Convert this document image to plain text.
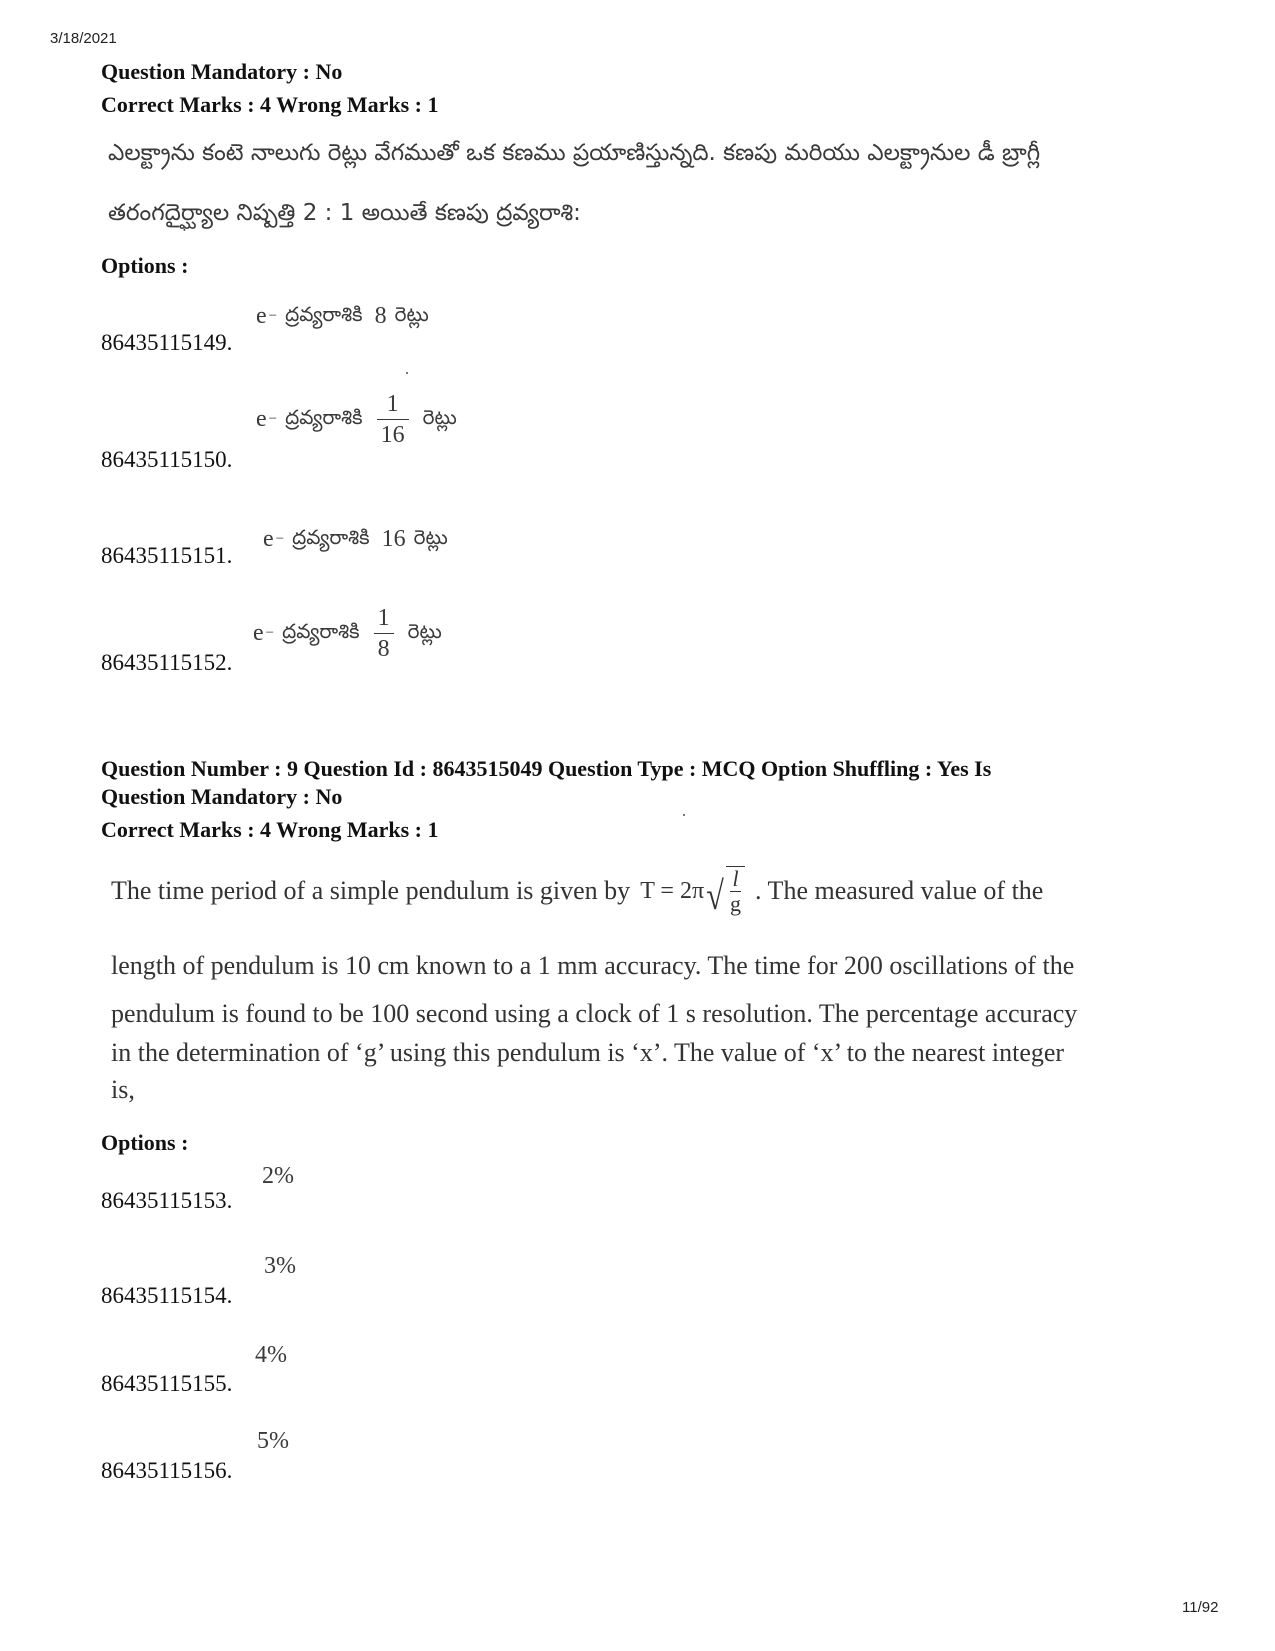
3/18/2021
Question Mandatory : No
Correct Marks : 4 Wrong Marks : 1
ఎలక్ట్రాను కంటె నాలుగు రెట్లు వేగముతో ఒక కణము ప్రయాణిస్తున్నది. కణపు మరియు ఎలక్ట్రానుల డీ బ్రాగ్లీ
తరంగదైర్ఘ్యాల నిష్పత్తి 2 : 1 అయితే కణపు ద్రవ్యరాశి:
Options :
e − ద్రవ్యరాశికి 8 రెట్లు
86435115149.
e − ద్రవ్యరాశికి $\frac{1}{16}$ రెట్లు
86435115150.
e − ద్రవ్యరాశికి 16 రెట్లు
86435115151.
e − ద్రవ్యరాశికి $\frac{1}{8}$ రెట్లు
86435115152.
Question Number : 9 Question Id : 8643515049 Question Type : MCQ Option Shuffling : Yes Is
Question Mandatory : No
Correct Marks : 4 Wrong Marks : 1
The time period of a simple pendulum is given by T = 2π √ l
g . The measured value of the
length of pendulum is 10 cm known to a 1 mm accuracy. The time for 200 oscillations of the
pendulum is found to be 100 second using a clock of 1 s resolution. The percentage accuracy
in the determination of ‘g’ using this pendulum is ‘x’. The value of ‘x’ to the nearest integer
is,
Options :
2%
86435115153.
3%
86435115154.
4%
86435115155.
5%
86435115156.
11/92
